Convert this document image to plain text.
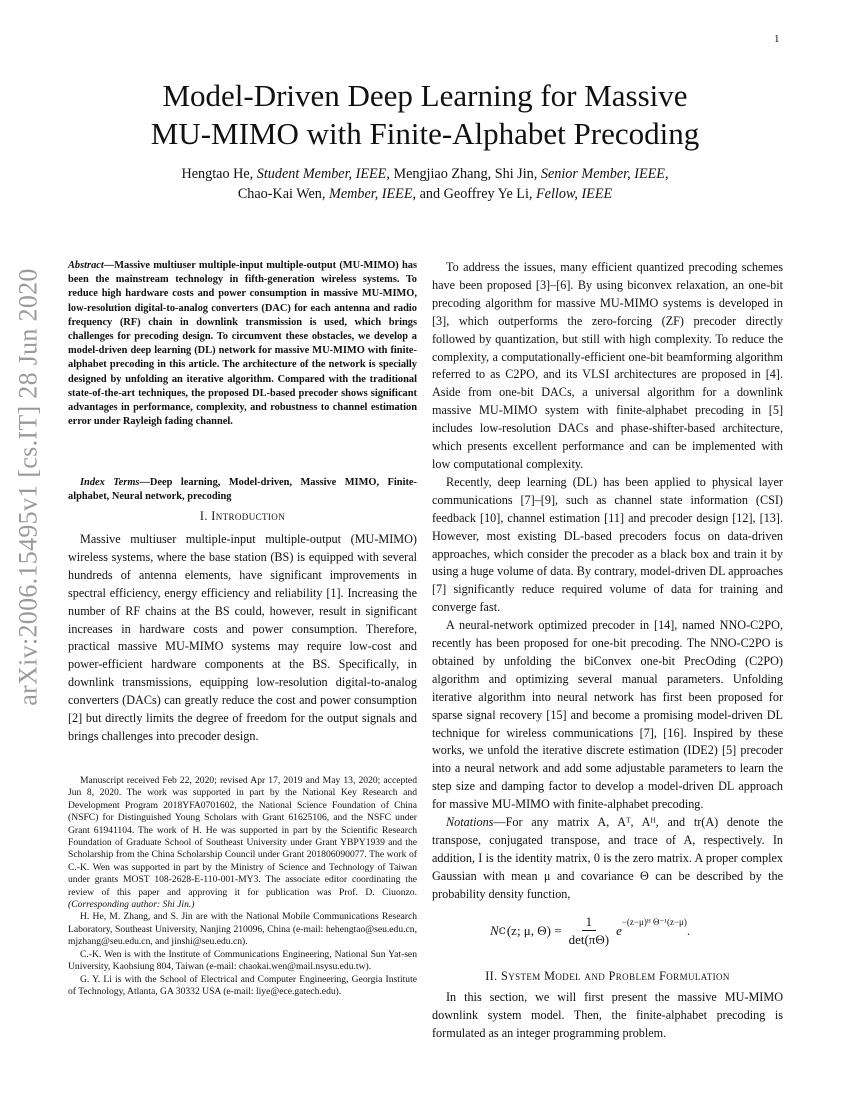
1
arXiv:2006.15495v1 [cs.IT] 28 Jun 2020
Model-Driven Deep Learning for Massive
MU-MIMO with Finite-Alphabet Precoding
Hengtao He, Student Member, IEEE, Mengjiao Zhang, Shi Jin, Senior Member, IEEE,
Chao-Kai Wen, Member, IEEE, and Geoffrey Ye Li, Fellow, IEEE
Abstract—Massive multiuser multiple-input multiple-output (MU-MIMO) has been the mainstream technology in fifth-generation wireless systems. To reduce high hardware costs and power consumption in massive MU-MIMO, low-resolution digital-to-analog converters (DAC) for each antenna and radio frequency (RF) chain in downlink transmission is used, which brings challenges for precoding design. To circumvent these obstacles, we develop a model-driven deep learning (DL) network for massive MU-MIMO with finite-alphabet precoding in this article. The architecture of the network is specially designed by unfolding an iterative algorithm. Compared with the traditional state-of-the-art techniques, the proposed DL-based precoder shows significant advantages in performance, complexity, and robustness to channel estimation error under Rayleigh fading channel.
Index Terms—Deep learning, Model-driven, Massive MIMO, Finite-alphabet, Neural network, precoding
I. Introduction
Massive multiuser multiple-input multiple-output (MU-MIMO) wireless systems, where the base station (BS) is equipped with several hundreds of antenna elements, have significant improvements in spectral efficiency, energy efficiency and reliability [1]. Increasing the number of RF chains at the BS could, however, result in significant increases in hardware costs and power consumption. Therefore, practical massive MU-MIMO systems may require low-cost and power-efficient hardware components at the BS. Specifically, in downlink transmissions, equipping low-resolution digital-to-analog converters (DACs) can greatly reduce the cost and power consumption [2] but directly limits the degree of freedom for the output signals and brings challenges into precoder design.

Manuscript received Feb 22, 2020; revised Apr 17, 2019 and May 13, 2020; accepted Jun 8, 2020. The work was supported in part by the National Key Research and Development Program 2018YFA0701602, the National Science Foundation of China (NSFC) for Distinguished Young Scholars with Grant 61625106, and the NSFC under Grant 61941104. The work of H. He was supported in part by the Scientific Research Foundation of Graduate School of Southeast University under Grant YBPY1939 and the Scholarship from the China Scholarship Council under Grant 201806090077. The work of C.-K. Wen was supported in part by the Ministry of Science and Technology of Taiwan under grants MOST 108-2628-E-110-001-MY3. The associate editor coordinating the review of this paper and approving it for publication was Prof. D. Ciuonzo. (Corresponding author: Shi Jin.)

H. He, M. Zhang, and S. Jin are with the National Mobile Communications Research Laboratory, Southeast University, Nanjing 210096, China (e-mail: hehengtao@seu.edu.cn, mjzhang@seu.edu.cn, and jinshi@seu.edu.cn).

C.-K. Wen is with the Institute of Communications Engineering, National Sun Yat-sen University, Kaohsiung 804, Taiwan (e-mail: chaokai.wen@mail.nsysu.edu.tw).

G. Y. Li is with the School of Electrical and Computer Engineering, Georgia Institute of Technology, Atlanta, GA 30332 USA (e-mail: liye@ece.gatech.edu).

To address the issues, many efficient quantized precoding schemes have been proposed [3]–[6]. By using biconvex relaxation, an one-bit precoding algorithm for massive MU-MIMO systems is developed in [3], which outperforms the zero-forcing (ZF) precoder directly followed by quantization, but still with high complexity. To reduce the complexity, a computationally-efficient one-bit beamforming algorithm referred to as C2PO, and its VLSI architectures are proposed in [4]. Aside from one-bit DACs, a universal algorithm for a downlink massive MU-MIMO system with finite-alphabet precoding in [5] includes low-resolution DACs and phase-shifter-based architecture, which presents excellent performance and can be implemented with low computational complexity.

Recently, deep learning (DL) has been applied to physical layer communications [7]–[9], such as channel state information (CSI) feedback [10], channel estimation [11] and precoder design [12], [13]. However, most existing DL-based precoders focus on data-driven approaches, which consider the precoder as a black box and train it by using a huge volume of data. By contrary, model-driven DL approaches [7] significantly reduce required volume of data for training and converge fast.

A neural-network optimized precoder in [14], named NNO-C2PO, recently has been proposed for one-bit precoding. The NNO-C2PO is obtained by unfolding the biConvex one-bit PrecOding (C2PO) algorithm and optimizing several manual parameters. Unfolding iterative algorithm into neural network has first been proposed for sparse signal recovery [15] and become a promising model-driven DL technique for wireless communications [7], [16]. Inspired by these works, we unfold the iterative discrete estimation (IDE2) [5] precoder into a neural network and add some adjustable parameters to learn the step size and damping factor to develop a model-driven DL approach for massive MU-MIMO with finite-alphabet precoding.

Notations—For any matrix A, Aᵀ, Aᴴ, and tr(A) denote the transpose, conjugated transpose, and trace of A, respectively. In addition, I is the identity matrix, 0 is the zero matrix. A proper complex Gaussian with mean μ and covariance Θ can be described by the probability density function,

N ℂ (z; μ, $\Theta) = \frac{1}{\det(\pi\Theta)}$ e
−(z−μ)ᴴ Θ⁻¹(z−μ)
.
II. System Model and Problem Formulation
In this section, we will first present the massive MU-MIMO downlink system model. Then, the finite-alphabet precoding is formulated as an integer programming problem.
